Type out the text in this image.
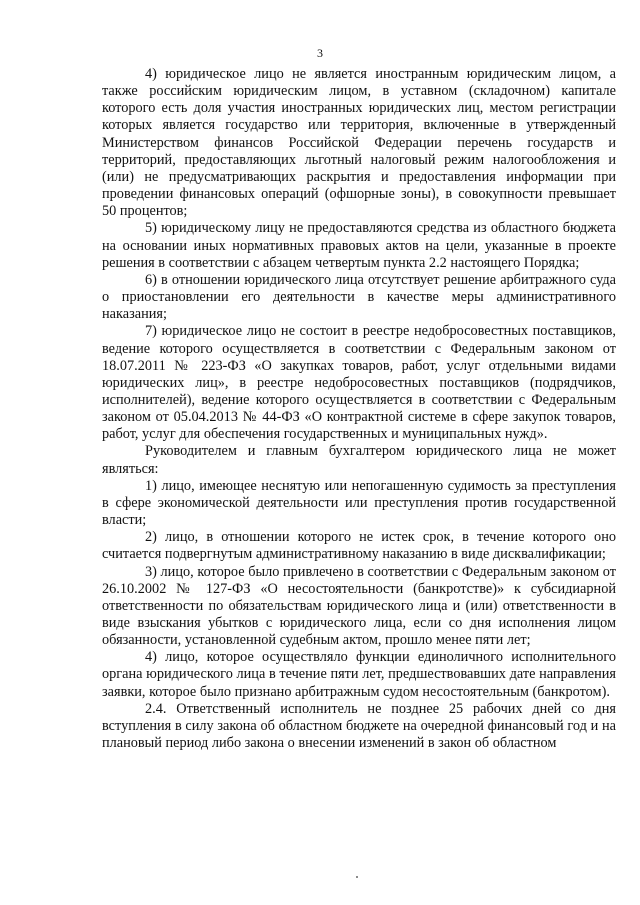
3

4) юридическое лицо не является иностранным юридическим лицом, а также российским юридическим лицом, в уставном (складочном) капитале которого есть доля участия иностранных юридических лиц, местом регистрации которых является государство или территория, включенные в утвержденный Министерством финансов Российской Федерации перечень государств и территорий, предоставляющих льготный налоговый режим налогообложения и (или) не предусматривающих раскрытия и предоставления информации при проведении финансовых операций (офшорные зоны), в совокупности превышает 50 процентов;

5) юридическому лицу не предоставляются средства из областного бюджета на основании иных нормативных правовых актов на цели, указанные в проекте решения в соответствии с абзацем четвертым пункта 2.2 настоящего Порядка;

6) в отношении юридического лица отсутствует решение арбитражного суда о приостановлении его деятельности в качестве меры административного наказания;

7) юридическое лицо не состоит в реестре недобросовестных поставщиков, ведение которого осуществляется в соответствии с Федеральным законом от 18.07.2011 № 223-ФЗ «О закупках товаров, работ, услуг отдельными видами юридических лиц», в реестре недобросовестных поставщиков (подрядчиков, исполнителей), ведение которого осуществляется в соответствии с Федеральным законом от 05.04.2013 № 44-ФЗ «О контрактной системе в сфере закупок товаров, работ, услуг для обеспечения государственных и муниципальных нужд».

Руководителем и главным бухгалтером юридического лица не может являться:

1) лицо, имеющее неснятую или непогашенную судимость за преступления в сфере экономической деятельности или преступления против государственной власти;

2) лицо, в отношении которого не истек срок, в течение которого оно считается подвергнутым административному наказанию в виде дисквалификации;

3) лицо, которое было привлечено в соответствии с Федеральным законом от 26.10.2002 № 127-ФЗ «О несостоятельности (банкротстве)» к субсидиарной ответственности по обязательствам юридического лица и (или) ответственности в виде взыскания убытков с юридического лица, если со дня исполнения лицом обязанности, установленной судебным актом, прошло менее пяти лет;

4) лицо, которое осуществляло функции единоличного исполнительного органа юридического лица в течение пяти лет, предшествовавших дате направления заявки, которое было признано арбитражным судом несостоятельным (банкротом).

2.4. Ответственный исполнитель не позднее 25 рабочих дней со дня вступления в силу закона об областном бюджете на очередной финансовый год и на плановый период либо закона о внесении изменений в закон об областном
